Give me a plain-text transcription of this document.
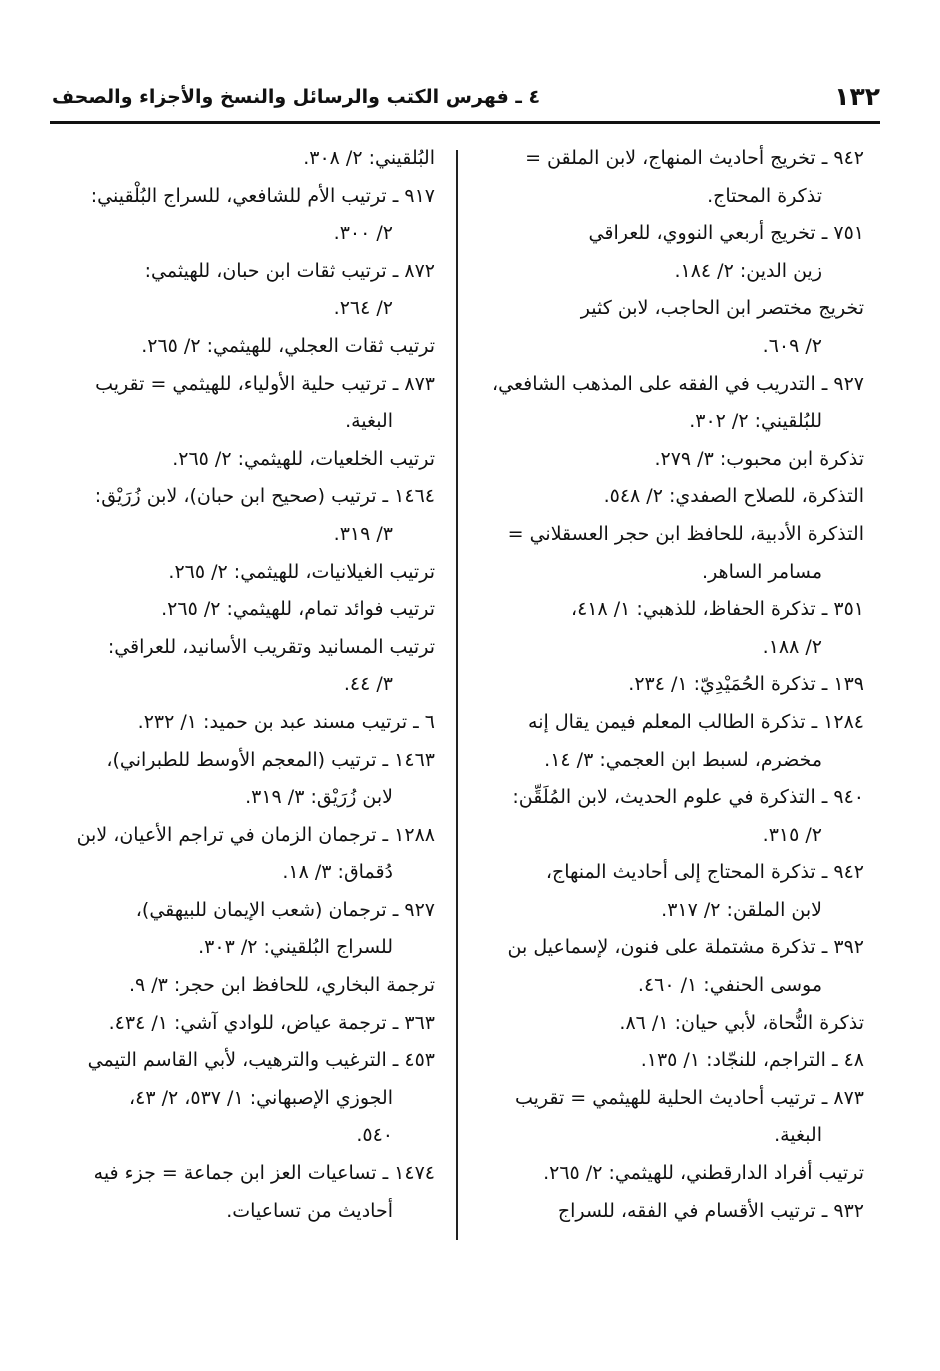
١٣٢
٤ ـ فهرس الكتب والرسائل والنسخ والأجزاء والصحف
٩٤٢ ـ تخريج أحاديث المنهاج، لابن الملقن =
تذكرة المحتاج.
٧٥١ ـ تخريج أربعي النووي، للعراقي
زين الدين: ٢/ ١٨٤.
تخريج مختصر ابن الحاجب، لابن كثير
٢/ ٦٠٩.
٩٢٧ ـ التدريب في الفقه على المذهب الشافعي،
للبُلقيني: ٢/ ٣٠٢.
تذكرة ابن محبوب: ٣/ ٢٧٩.
التذكرة، للصلاح الصفدي: ٢/ ٥٤٨.
التذكرة الأدبية، للحافظ ابن حجر العسقلاني =
مسامر الساهر.
٣٥١ ـ تذكرة الحفاظ، للذهبي: ١/ ٤١٨،
٢/ ١٨٨.
١٣٩ ـ تذكرة الحُمَيْدِيّ: ١/ ٢٣٤.
١٢٨٤ ـ تذكرة الطالب المعلم فيمن يقال إنه
مخضرم، لسبط ابن العجمي: ٣/ ١٤.
٩٤٠ ـ التذكرة في علوم الحديث، لابن المُلَقِّن:
٢/ ٣١٥.
٩٤٢ ـ تذكرة المحتاج إلى أحاديث المنهاج،
لابن الملقن: ٢/ ٣١٧.
٣٩٢ ـ تذكرة مشتملة على فنون، لإسماعيل بن
موسى الحنفي: ١/ ٤٦٠.
تذكرة النُّحاة، لأبي حيان: ١/ ٨٦.
٤٨ ـ التراجم، للنجّاد: ١/ ١٣٥.
٨٧٣ ـ ترتيب أحاديث الحلية للهيثمي = تقريب
البغية.
ترتيب أفراد الدارقطني، للهيثمي: ٢/ ٢٦٥.
٩٣٢ ـ ترتيب الأقسام في الفقه، للسراج
البُلقيني: ٢/ ٣٠٨.
٩١٧ ـ ترتيب الأم للشافعي، للسراج البُلْقيني:
٢/ ٣٠٠.
٨٧٢ ـ ترتيب ثقات ابن حبان، للهيثمي:
٢/ ٢٦٤.
ترتيب ثقات العجلي، للهيثمي: ٢/ ٢٦٥.
٨٧٣ ـ ترتيب حلية الأولياء، للهيثمي = تقريب
البغية.
ترتيب الخلعيات، للهيثمي: ٢/ ٢٦٥.
١٤٦٤ ـ ترتيب (صحيح ابن حبان)، لابن زُرَيْق:
٣/ ٣١٩.
ترتيب الغيلانيات، للهيثمي: ٢/ ٢٦٥.
ترتيب فوائد تمام، للهيثمي: ٢/ ٢٦٥.
ترتيب المسانيد وتقريب الأسانيد، للعراقي:
٣/ ٤٤.
٦ ـ ترتيب مسند عبد بن حميد: ١/ ٢٣٢.
١٤٦٣ ـ ترتيب (المعجم الأوسط للطبراني)،
لابن زُرَيْق: ٣/ ٣١٩.
١٢٨٨ ـ ترجمان الزمان في تراجم الأعيان، لابن
دُقماق: ٣/ ١٨.
٩٢٧ ـ ترجمان (شعب الإيمان للبيهقي)،
للسراج البُلقيني: ٢/ ٣٠٣.
ترجمة البخاري، للحافظ ابن حجر: ٣/ ٩.
٣٦٣ ـ ترجمة عياض، للوادي آشي: ١/ ٤٣٤.
٤٥٣ ـ الترغيب والترهيب، لأبي القاسم التيمي
الجوزي الإصبهاني: ١/ ٥٣٧، ٢/ ٤٣،
٥٤٠.
١٤٧٤ ـ تساعيات العز ابن جماعة = جزء فيه
أحاديث من تساعيات.
